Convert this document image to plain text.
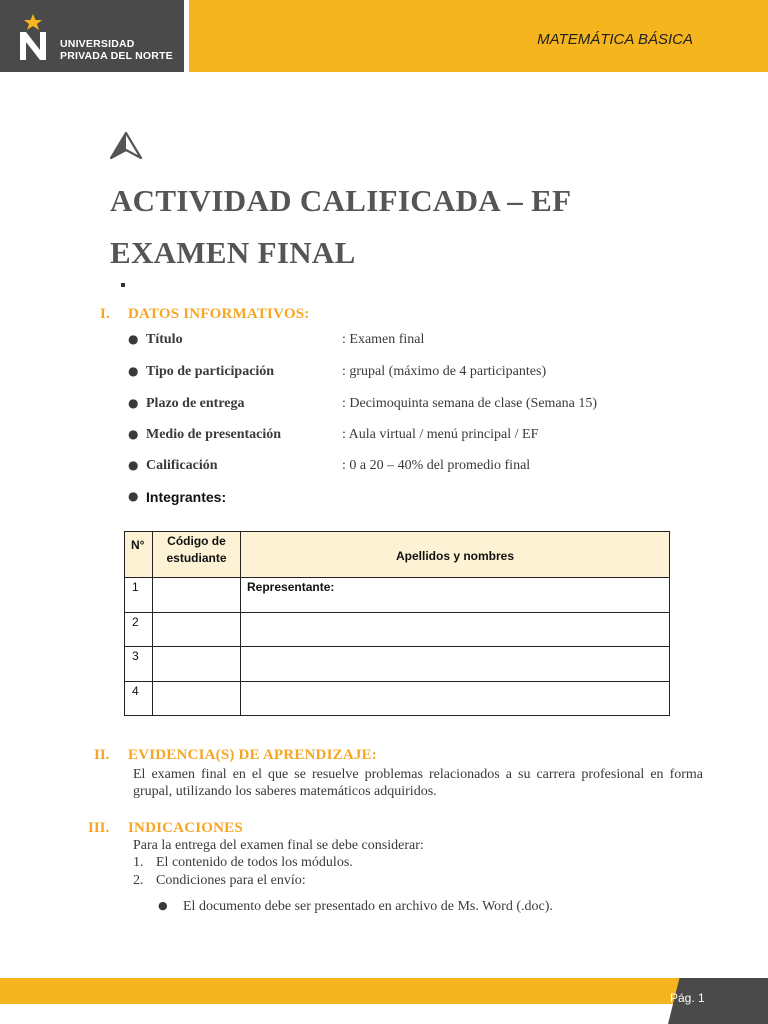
UNIVERSIDAD
PRIVADA DEL NORTE
MATEMÁTICA BÁSICA
ACTIVIDAD CALIFICADA – EF
EXAMEN FINAL
I. DATOS INFORMATIVOS:
● Título	: Examen final
● Tipo de participación	: grupal (máximo de 4 participantes)
● Plazo de entrega	: Decimoquinta semana de clase (Semana 15)
● Medio de presentación	: Aula virtual / menú principal / EF
● Calificación	: 0 a 20 – 40% del promedio final
● Integrantes:
N°	Código de estudiante	Apellidos y nombres
1		Representante:
2		
3		
4		
II. EVIDENCIA(S) DE APRENDIZAJE:
El examen final en el que se resuelve problemas relacionados a su carrera profesional en forma grupal, utilizando los saberes matemáticos adquiridos.
III. INDICACIONES
Para la entrega del examen final se debe considerar:
1. El contenido de todos los módulos.
2. Condiciones para el envío:
● El documento debe ser presentado en archivo de Ms. Word (.doc).
Pág. 1
